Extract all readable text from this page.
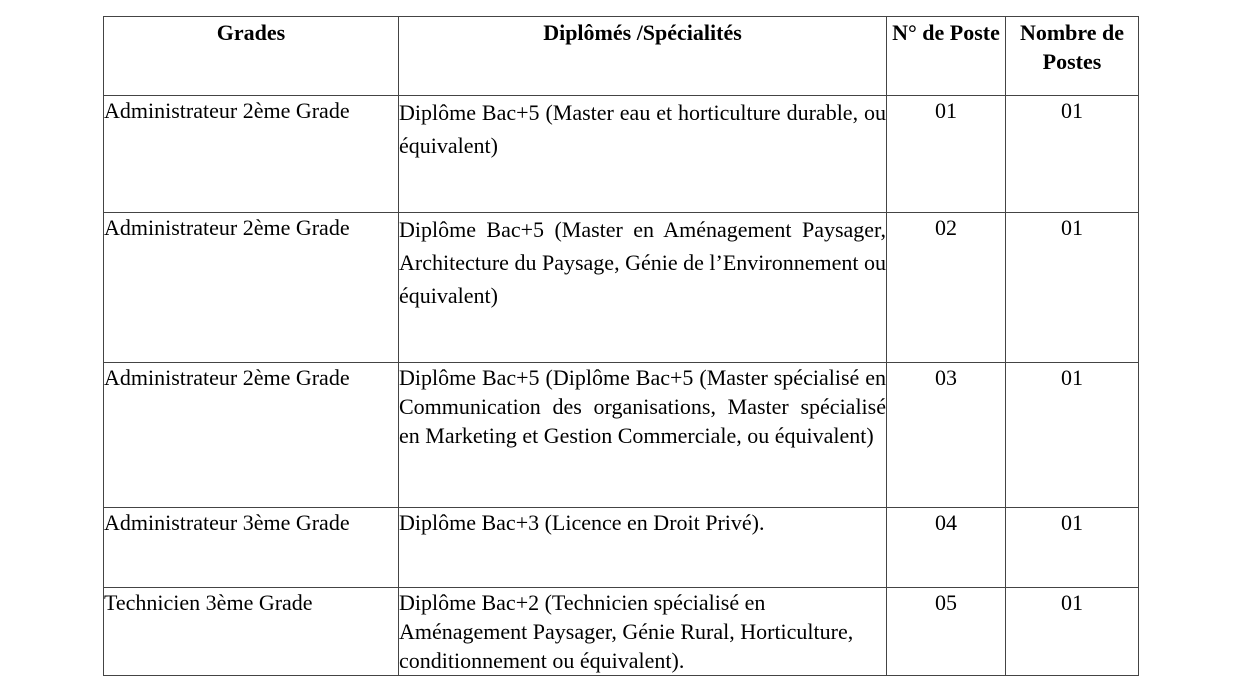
Grades	Diplômés /Spécialités	N° de Poste	Nombre de Postes
Administrateur 2ème Grade	Diplôme Bac+5 (Master eau et horticulture durable, ou équivalent)	01	01
Administrateur 2ème Grade	Diplôme Bac+5 (Master en Aménagement Paysager, Architecture du Paysage, Génie de l’Environnement ou équivalent)	02	01
Administrateur 2ème Grade	Diplôme Bac+5 (Diplôme Bac+5 (Master spécialisé en Communication des organisations, Master spécialisé en Marketing et Gestion Commerciale, ou équivalent)	03	01
Administrateur 3ème Grade	Diplôme Bac+3 (Licence en Droit Privé).	04	01
Technicien 3ème Grade	Diplôme Bac+2 (Technicien spécialisé en Aménagement Paysager, Génie Rural, Horticulture, conditionnement ou équivalent).	05	01
